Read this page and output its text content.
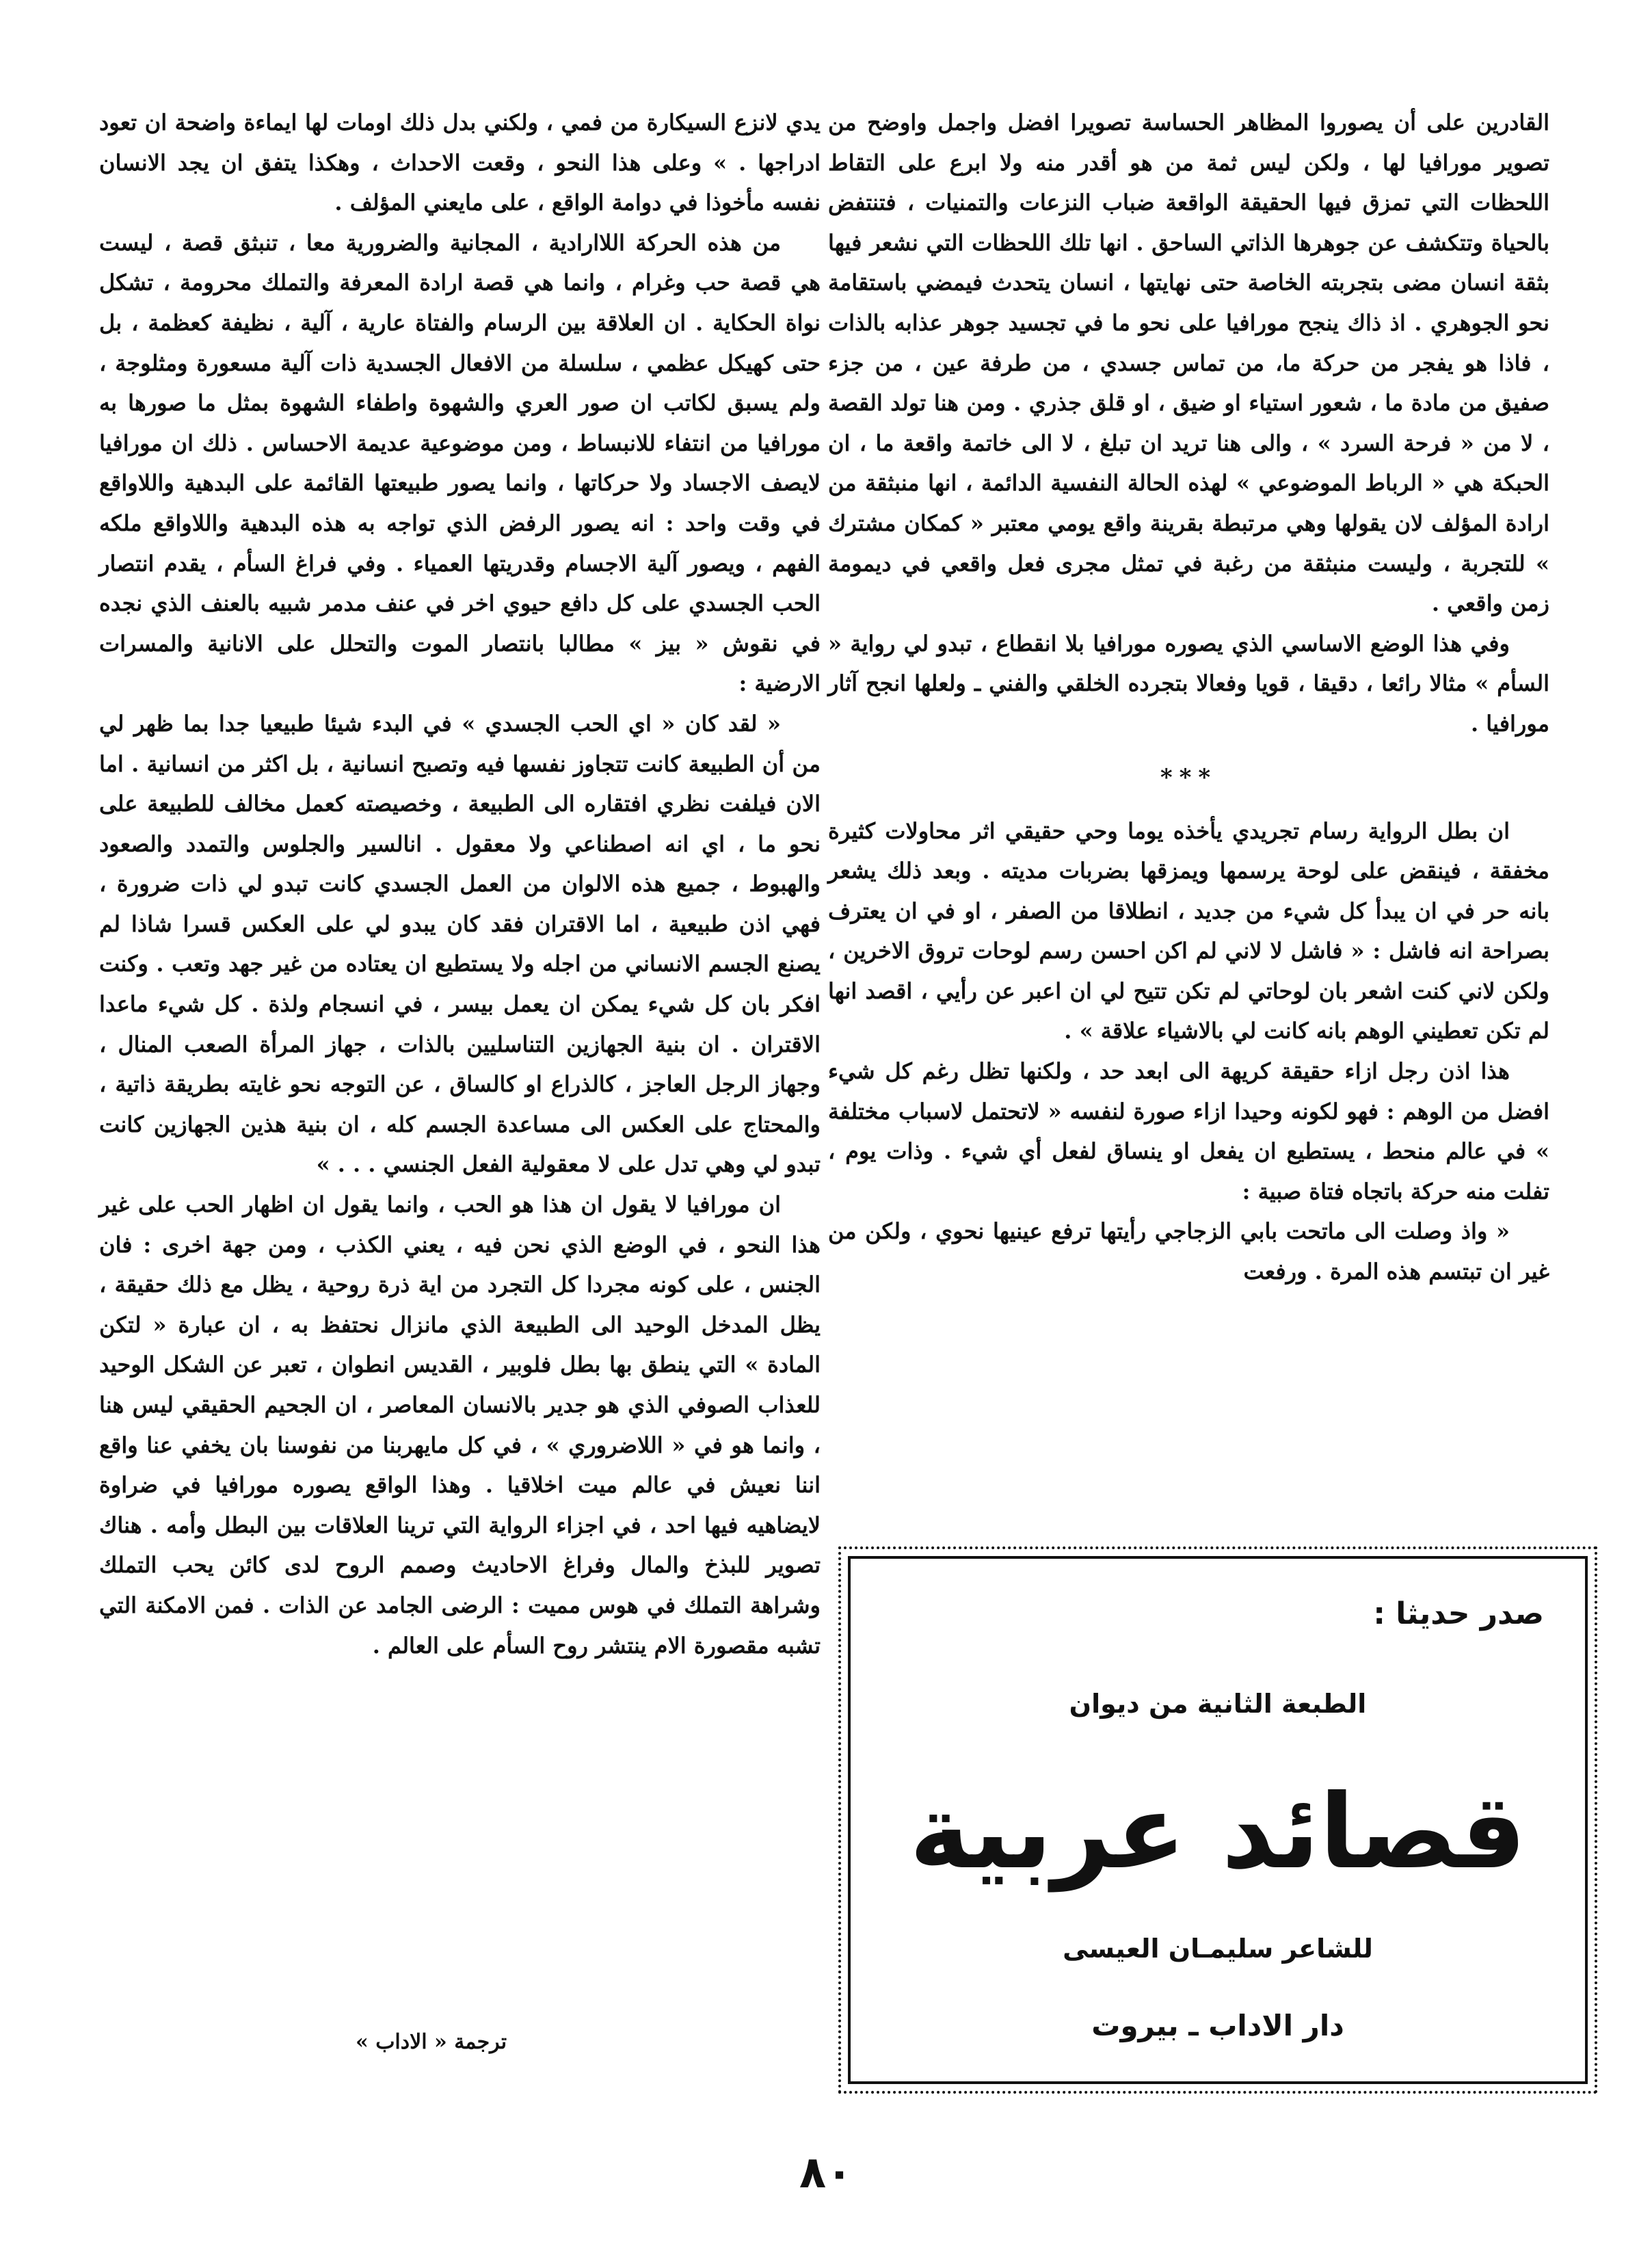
القادرين على أن يصوروا المظاهر الحساسة تصويرا افضل واجمل واوضح من تصوير مورافيا لها ، ولكن ليس ثمة من هو أقدر منه ولا ابرع على التقاط اللحظات التي تمزق فيها الحقيقة الواقعة ضباب النزعات والتمنيات ، فتنتفض بالحياة وتتكشف عن جوهرها الذاتي الساحق . انها تلك اللحظات التي نشعر فيها بثقة انسان مضى بتجربته الخاصة حتى نهايتها ، انسان يتحدث فيمضي باستقامة نحو الجوهري . اذ ذاك ينجح مورافيا على نحو ما في تجسيد جوهر عذابه بالذات ، فاذا هو يفجر من حركة ما، من تماس جسدي ، من طرفة عين ، من جزء صفيق من مادة ما ، شعور استياء او ضيق ، او قلق جذري . ومن هنا تولد القصة ، لا من « فرحة السرد » ، والى هنا تريد ان تبلغ ، لا الى خاتمة واقعة ما ، ان الحبكة هي « الرباط الموضوعي » لهذه الحالة النفسية الدائمة ، انها منبثقة من ارادة المؤلف لان يقولها وهي مرتبطة بقرينة واقع يومي معتبر « كمكان مشترك » للتجربة ، وليست منبثقة من رغبة في تمثل مجرى فعل واقعي في ديمومة زمن واقعي .

وفي هذا الوضع الاساسي الذي يصوره مورافيا بلا انقطاع ، تبدو لي رواية « السأم » مثالا رائعا ، دقيقا ، قويا وفعالا بتجرده الخلقي والفني ـ ولعلها انجح آثار مورافيا .

***

ان بطل الرواية رسام تجريدي يأخذه يوما وحي حقيقي اثر محاولات كثيرة مخفقة ، فينقض على لوحة يرسمها ويمزقها بضربات مديته . وبعد ذلك يشعر بانه حر في ان يبدأ كل شيء من جديد ، انطلاقا من الصفر ، او في ان يعترف بصراحة انه فاشل : « فاشل لا لاني لم اكن احسن رسم لوحات تروق الاخرين ، ولكن لاني كنت اشعر بان لوحاتي لم تكن تتيح لي ان اعبر عن رأيي ، اقصد انها لم تكن تعطيني الوهم بانه كانت لي بالاشياء علاقة » .

هذا اذن رجل ازاء حقيقة كريهة الى ابعد حد ، ولكنها تظل رغم كل شيء افضل من الوهم : فهو لكونه وحيدا ازاء صورة لنفسه « لاتحتمل لاسباب مختلفة » في عالم منحط ، يستطيع ان يفعل او ينساق لفعل أي شيء . وذات يوم ، تفلت منه حركة باتجاه فتاة صبية :

« واذ وصلت الى ماتحت بابي الزجاجي رأيتها ترفع عينيها نحوي ، ولكن من غير ان تبتسم هذه المرة . ورفعت

يدي لانزع السيكارة من فمي ، ولكني بدل ذلك اومات لها ايماءة واضحة ان تعود ادراجها . » وعلى هذا النحو ، وقعت الاحداث ، وهكذا يتفق ان يجد الانسان نفسه مأخوذا في دوامة الواقع ، على مايعني المؤلف .

من هذه الحركة اللاارادية ، المجانية والضرورية معا ، تنبثق قصة ، ليست هي قصة حب وغرام ، وانما هي قصة ارادة المعرفة والتملك محرومة ، تشكل نواة الحكاية . ان العلاقة بين الرسام والفتاة عارية ، آلية ، نظيفة كعظمة ، بل حتى كهيكل عظمي ، سلسلة من الافعال الجسدية ذات آلية مسعورة ومثلوجة ، ولم يسبق لكاتب ان صور العري والشهوة واطفاء الشهوة بمثل ما صورها به مورافيا من انتفاء للانبساط ، ومن موضوعية عديمة الاحساس . ذلك ان مورافيا لايصف الاجساد ولا حركاتها ، وانما يصور طبيعتها القائمة على البدهية واللاواقع في وقت واحد : انه يصور الرفض الذي تواجه به هذه البدهية واللاواقع ملكه الفهم ، ويصور آلية الاجسام وقدريتها العمياء . وفي فراغ السأم ، يقدم انتصار الحب الجسدي على كل دافع حيوي اخر في عنف مدمر شبيه بالعنف الذي نجده في نقوش « بيز » مطالبا بانتصار الموت والتحلل على الانانية والمسرات الارضية :

« لقد كان « اي الحب الجسدي » في البدء شيئا طبيعيا جدا بما ظهر لي من أن الطبيعة كانت تتجاوز نفسها فيه وتصبح انسانية ، بل اكثر من انسانية . اما الان فيلفت نظري افتقاره الى الطبيعة ، وخصيصته كعمل مخالف للطبيعة على نحو ما ، اي انه اصطناعي ولا معقول . انالسير والجلوس والتمدد والصعود والهبوط ، جميع هذه الالوان من العمل الجسدي كانت تبدو لي ذات ضرورة ، فهي اذن طبيعية ، اما الاقتران فقد كان يبدو لي على العكس قسرا شاذا لم يصنع الجسم الانساني من اجله ولا يستطيع ان يعتاده من غير جهد وتعب . وكنت افكر بان كل شيء يمكن ان يعمل بيسر ، في انسجام ولذة . كل شيء ماعدا الاقتران . ان بنية الجهازين التناسليين بالذات ، جهاز المرأة الصعب المنال ، وجهاز الرجل العاجز ، كالذراع او كالساق ، عن التوجه نحو غايته بطريقة ذاتية ، والمحتاج على العكس الى مساعدة الجسم كله ، ان بنية هذين الجهازين كانت تبدو لي وهي تدل على لا معقولية الفعل الجنسي . . . »

ان مورافيا لا يقول ان هذا هو الحب ، وانما يقول ان اظهار الحب على غير هذا النحو ، في الوضع الذي نحن فيه ، يعني الكذب ، ومن جهة اخرى : فان الجنس ، على كونه مجردا كل التجرد من اية ذرة روحية ، يظل مع ذلك حقيقة ، يظل المدخل الوحيد الى الطبيعة الذي مانزال نحتفظ به ، ان عبارة « لتكن المادة » التي ينطق بها بطل فلوبير ، القديس انطوان ، تعبر عن الشكل الوحيد للعذاب الصوفي الذي هو جدير بالانسان المعاصر ، ان الجحيم الحقيقي ليس هنا ، وانما هو في « اللاضروري » ، في كل مايهربنا من نفوسنا بان يخفي عنا واقع اننا نعيش في عالم ميت اخلاقيا . وهذا الواقع يصوره مورافيا في ضراوة لايضاهيه فيها احد ، في اجزاء الرواية التي ترينا العلاقات بين البطل وأمه . هناك تصوير للبذخ والمال وفراغ الاحاديث وصمم الروح لدى كائن يحب التملك وشراهة التملك في هوس مميت : الرضى الجامد عن الذات . فمن الامكنة التي تشبه مقصورة الام ينتشر روح السأم على العالم .

ترجمة « الاداب »
صدر حديثا :
الطبعة الثانية من ديوان
قصائد عربية
للشاعر سليمـان العيسى
دار الاداب ـ بيروت
٨٠
